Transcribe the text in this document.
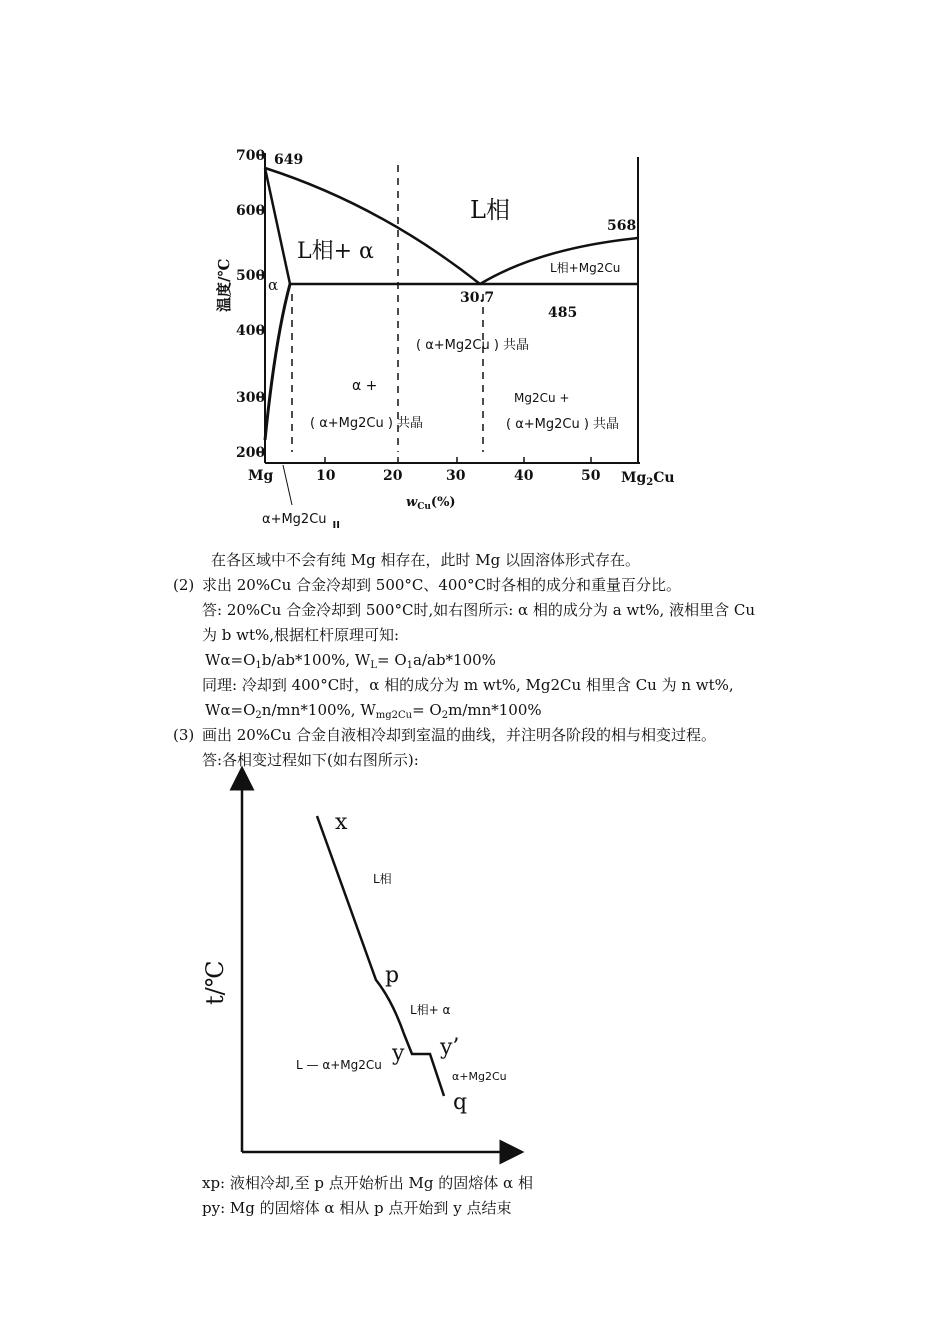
温度/℃
700
600
500
400
300
200
Mg	10	20	30	40	50 $Mg_2Cu$
$w_{Cu}(\%)$
649
568
485
30.7
L相
L相+ α
α
L相+Mg2Cu
( α+Mg2Cu ) 共晶
α +
( α+Mg2Cu ) 共晶
Mg2Cu +
( α+Mg2Cu ) 共晶
α+Mg2Cu $_{II}$
在各区域中不会有纯 Mg 相存在，此时 Mg 以固溶体形式存在。
(2) 求出 20%Cu 合金冷却到 500°C、400°C时各相的成分和重量百分比。
答: 20%Cu 合金冷却到 500°C时,如右图所示: α 相的成分为 a wt%, 液相里含 Cu
为 b wt%,根据杠杆原理可知:
$W\alpha=O_1b/ab*100\%$, $W_L= O_1a/ab*100\%$
同理: 冷却到 400°C时，α 相的成分为 m wt%, Mg2Cu 相里含 Cu 为 n wt%,
$W\alpha=O_2n/mn*100\%$, $W_{mg2Cu}= O_2m/mn*100\%$
(3) 画出 20%Cu 合金自液相冷却到室温的曲线，并注明各阶段的相与相变过程。
答:各相变过程如下(如右图所示):
t/℃
x
p
y y’
q
L相
L相+ α
L — α+Mg2Cu
α+Mg2Cu
xp: 液相冷却,至 p 点开始析出 Mg 的固熔体 α 相
py: Mg 的固熔体 α 相从 p 点开始到 y 点结束
